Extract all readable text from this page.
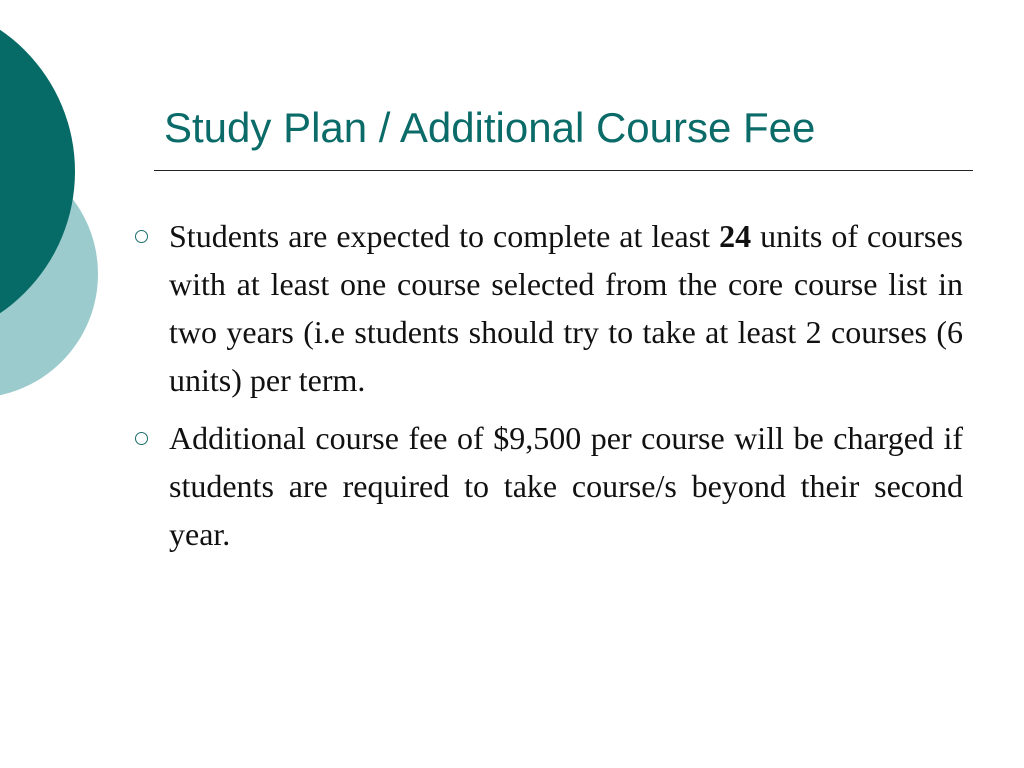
Study Plan / Additional Course Fee
Students are expected to complete at least 24 units of courses with at least one course selected from the core course list in two years (i.e students should try to take at least 2 courses (6 units) per term.
Additional course fee of $9,500 per course will be charged if students are required to take course/s beyond their second year.
